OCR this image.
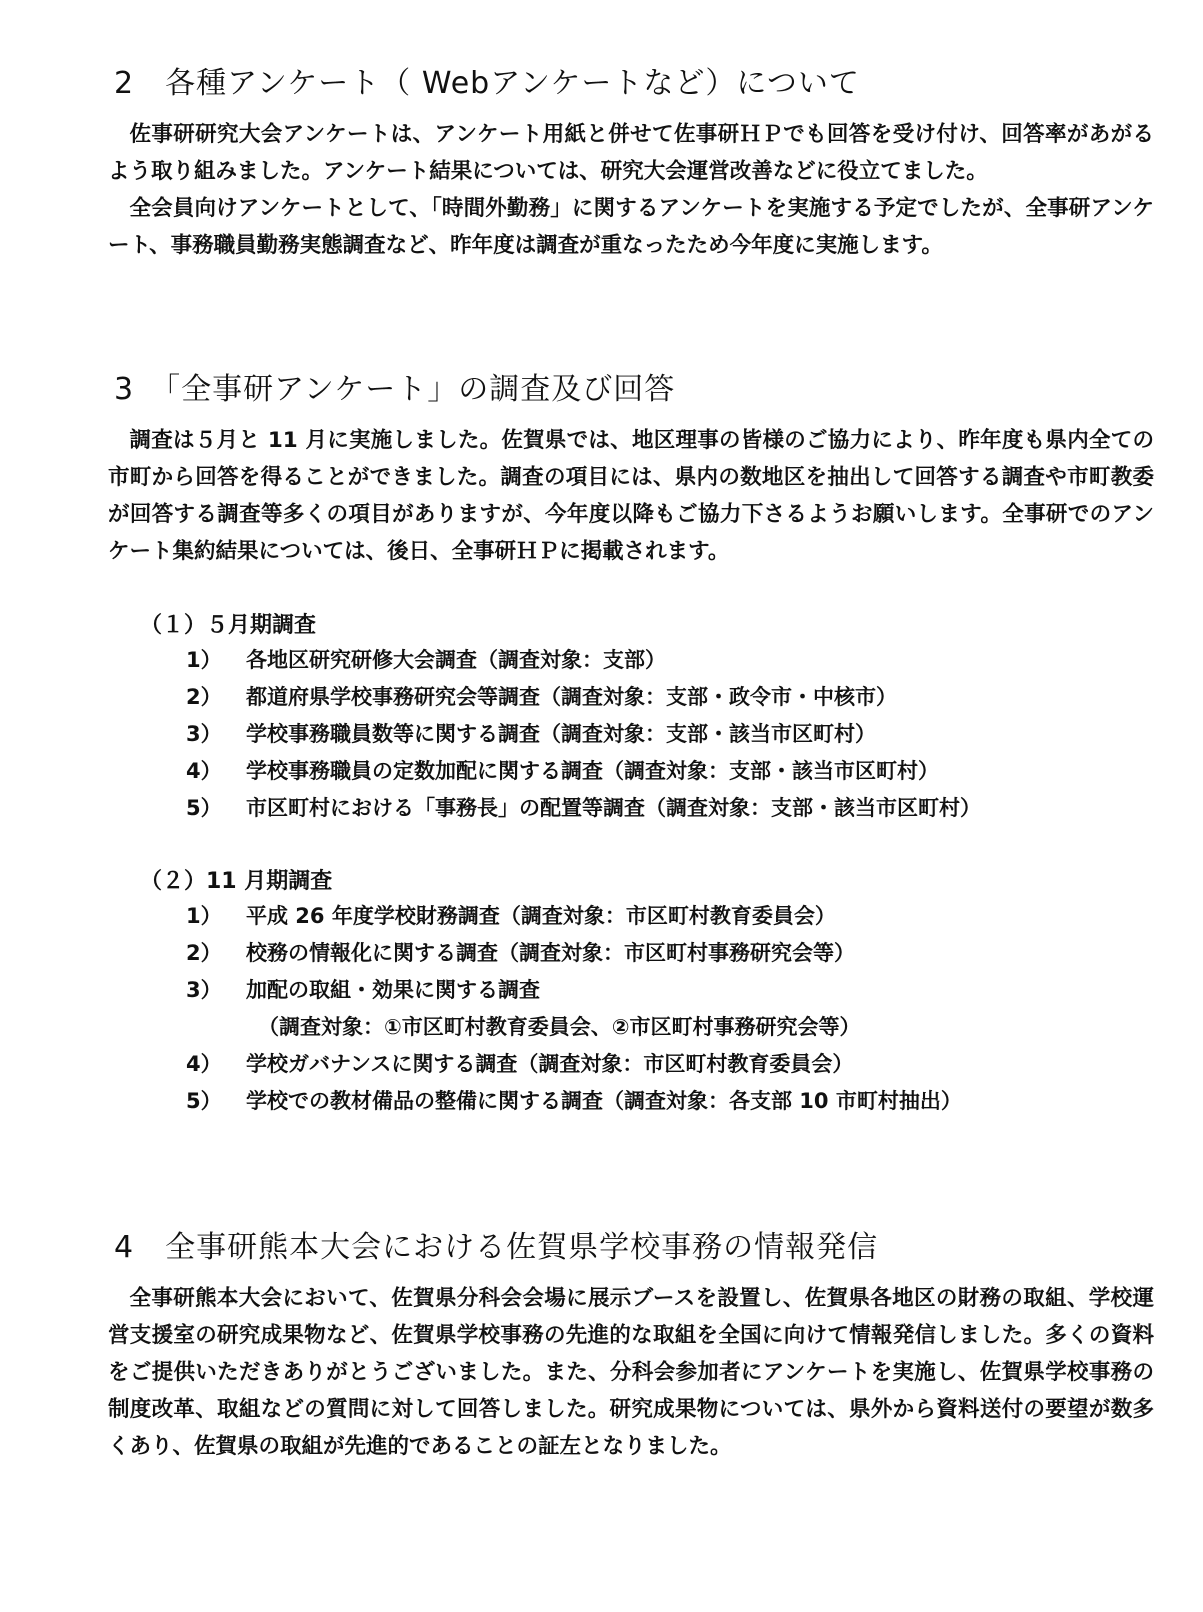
2　各種アンケート（ Webアンケートなど）について

佐事研研究大会アンケートは、アンケート用紙と併せて佐事研ＨＰでも回答を受け付け、回答率があがるよう取り組みました。アンケート結果については、研究大会運営改善などに役立てました。

全会員向けアンケートとして、「時間外勤務」に関するアンケートを実施する予定でしたが、全事研アンケート、事務職員勤務実態調査など、昨年度は調査が重なったため今年度に実施します。

3　「全事研アンケート」の調査及び回答

調査は５月と 11 月に実施しました。佐賀県では、地区理事の皆様のご協力により、昨年度も県内全ての市町から回答を得ることができました。調査の項目には、県内の数地区を抽出して回答する調査や市町教委が回答する調査等多くの項目がありますが、今年度以降もご協力下さるようお願いします。全事研でのアンケート集約結果については、後日、全事研ＨＰに掲載されます。

（１）５月期調査
1） 各地区研究研修大会調査（調査対象：支部）
2） 都道府県学校事務研究会等調査（調査対象：支部・政令市・中核市）
3） 学校事務職員数等に関する調査（調査対象：支部・該当市区町村）
4） 学校事務職員の定数加配に関する調査（調査対象：支部・該当市区町村）
5） 市区町村における「事務長」の配置等調査（調査対象：支部・該当市区町村）
（２）11 月期調査
1） 平成 26 年度学校財務調査（調査対象：市区町村教育委員会）
2） 校務の情報化に関する調査（調査対象：市区町村事務研究会等）
3） 加配の取組・効果に関する調査
（調査対象：①市区町村教育委員会、②市区町村事務研究会等）
4） 学校ガバナンスに関する調査（調査対象：市区町村教育委員会）
5） 学校での教材備品の整備に関する調査（調査対象：各支部 10 市町村抽出）
4　全事研熊本大会における佐賀県学校事務の情報発信

全事研熊本大会において、佐賀県分科会会場に展示ブースを設置し、佐賀県各地区の財務の取組、学校運営支援室の研究成果物など、佐賀県学校事務の先進的な取組を全国に向けて情報発信しました。多くの資料をご提供いただきありがとうございました。また、分科会参加者にアンケートを実施し、佐賀県学校事務の制度改革、取組などの質問に対して回答しました。研究成果物については、県外から資料送付の要望が数多くあり、佐賀県の取組が先進的であることの証左となりました。
